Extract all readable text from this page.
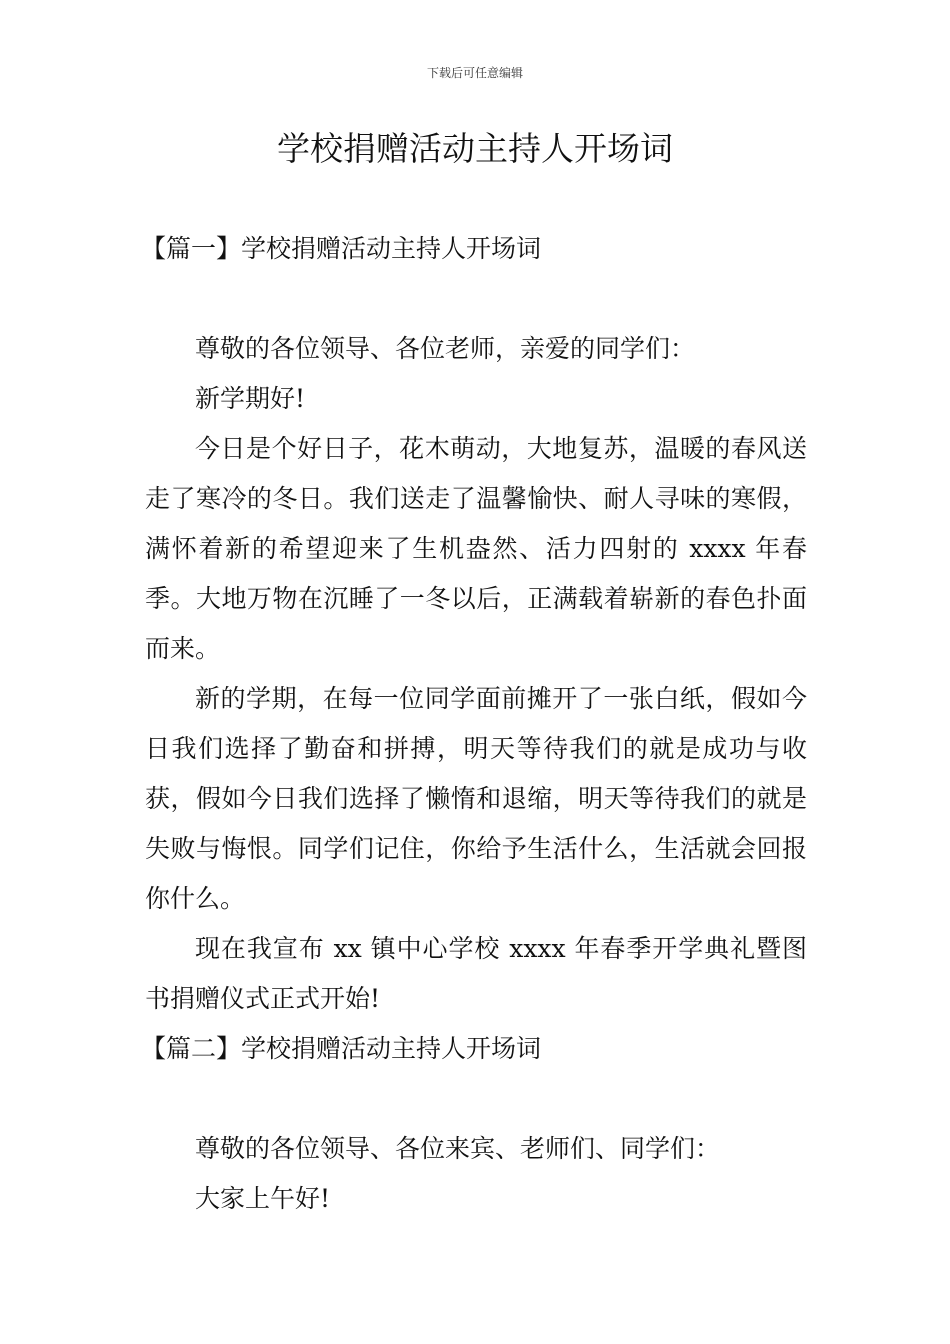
下载后可任意编辑
学校捐赠活动主持人开场词

【篇一】学校捐赠活动主持人开场词

尊敬的各位领导、各位老师，亲爱的同学们：

新学期好!

今日是个好日子，花木萌动，大地复苏，温暖的春风送走了寒冷的冬日。我们送走了温馨愉快、耐人寻味的寒假，满怀着新的希望迎来了生机盎然、活力四射的 xxxx 年春季。大地万物在沉睡了一冬以后，正满载着崭新的春色扑面而来。

新的学期，在每一位同学面前摊开了一张白纸，假如今日我们选择了勤奋和拼搏，明天等待我们的就是成功与收获，假如今日我们选择了懒惰和退缩，明天等待我们的就是失败与悔恨。同学们记住，你给予生活什么，生活就会回报你什么。

现在我宣布 xx 镇中心学校 xxxx 年春季开学典礼暨图书捐赠仪式正式开始!

【篇二】学校捐赠活动主持人开场词

尊敬的各位领导、各位来宾、老师们、同学们：

大家上午好!
